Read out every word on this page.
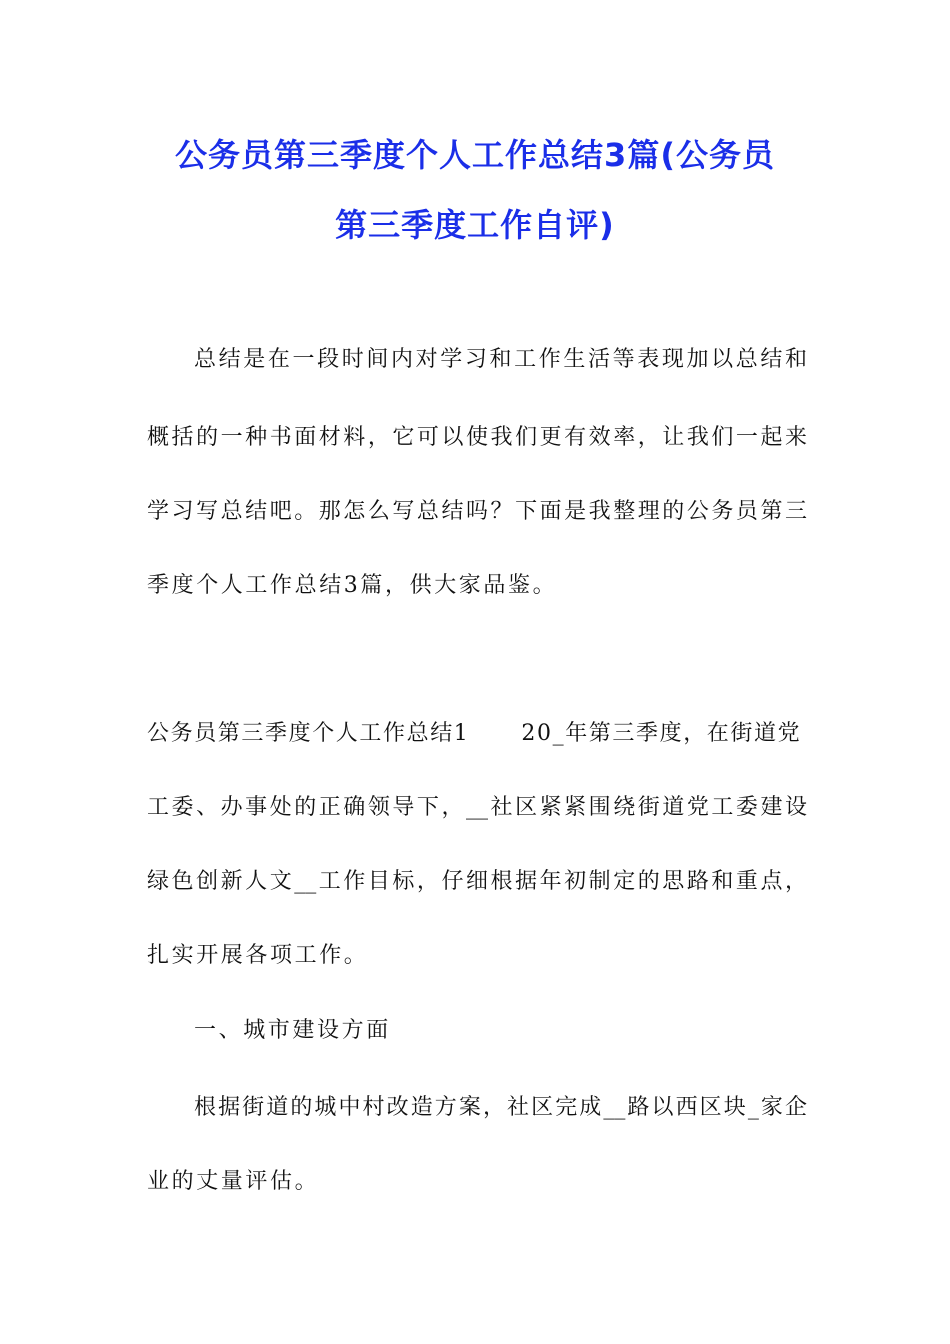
公务员第三季度个人工作总结3篇(公务员
第三季度工作自评)
总结是在一段时间内对学习和工作生活等表现加以总结和
概括的一种书面材料，它可以使我们更有效率，让我们一起来
学习写总结吧。那怎么写总结吗？下面是我整理的公务员第三
季度个人工作总结3篇，供大家品鉴。
公务员第三季度个人工作总结1 20_年第三季度，在街道党
工委、办事处的正确领导下，__社区紧紧围绕街道党工委建设
绿色创新人文__工作目标，仔细根据年初制定的思路和重点，
扎实开展各项工作。
一、城市建设方面
根据街道的城中村改造方案，社区完成__路以西区块_家企
业的丈量评估。
